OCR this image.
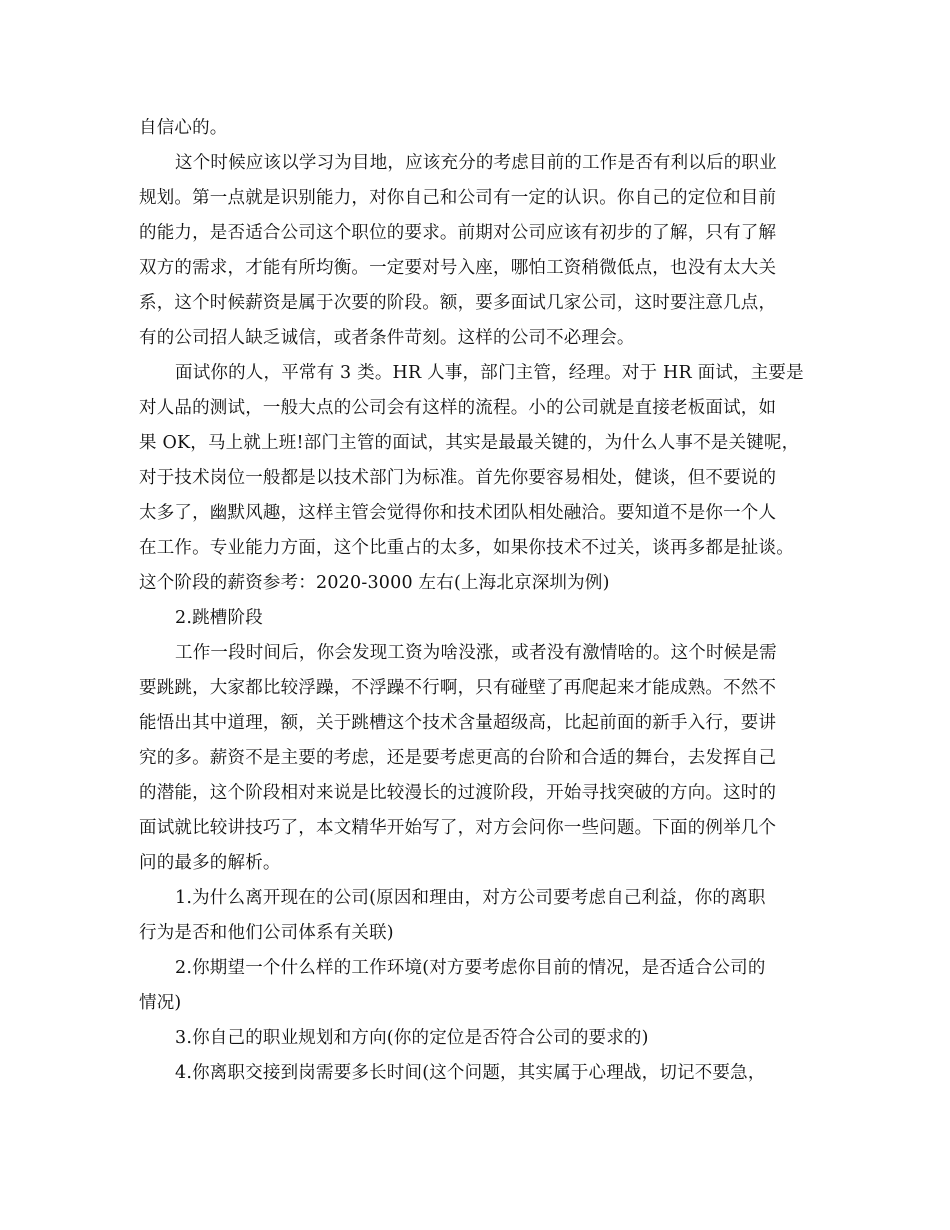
自信心的。
这个时候应该以学习为目地，应该充分的考虑目前的工作是否有利以后的职业
规划。第一点就是识别能力，对你自己和公司有一定的认识。你自己的定位和目前
的能力，是否适合公司这个职位的要求。前期对公司应该有初步的了解，只有了解
双方的需求，才能有所均衡。一定要对号入座，哪怕工资稍微低点，也没有太大关
系，这个时候薪资是属于次要的阶段。额，要多面试几家公司，这时要注意几点，
有的公司招人缺乏诚信，或者条件苛刻。这样的公司不必理会。
面试你的人，平常有 3 类。HR 人事，部门主管，经理。对于 HR 面试，主要是
对人品的测试，一般大点的公司会有这样的流程。小的公司就是直接老板面试，如
果 OK，马上就上班!部门主管的面试，其实是最最关键的，为什么人事不是关键呢，
对于技术岗位一般都是以技术部门为标准。首先你要容易相处，健谈，但不要说的
太多了，幽默风趣，这样主管会觉得你和技术团队相处融洽。要知道不是你一个人
在工作。专业能力方面，这个比重占的太多，如果你技术不过关，谈再多都是扯谈。
这个阶段的薪资参考：2020-3000 左右(上海北京深圳为例)
2.跳槽阶段
工作一段时间后，你会发现工资为啥没涨，或者没有激情啥的。这个时候是需
要跳跳，大家都比较浮躁，不浮躁不行啊，只有碰壁了再爬起来才能成熟。不然不
能悟出其中道理，额，关于跳槽这个技术含量超级高，比起前面的新手入行，要讲
究的多。薪资不是主要的考虑，还是要考虑更高的台阶和合适的舞台，去发挥自己
的潜能，这个阶段相对来说是比较漫长的过渡阶段，开始寻找突破的方向。这时的
面试就比较讲技巧了，本文精华开始写了，对方会问你一些问题。下面的例举几个
问的最多的解析。
1.为什么离开现在的公司(原因和理由，对方公司要考虑自己利益，你的离职
行为是否和他们公司体系有关联)
2.你期望一个什么样的工作环境(对方要考虑你目前的情况，是否适合公司的
情况)
3.你自己的职业规划和方向(你的定位是否符合公司的要求的)
4.你离职交接到岗需要多长时间(这个问题，其实属于心理战，切记不要急，
